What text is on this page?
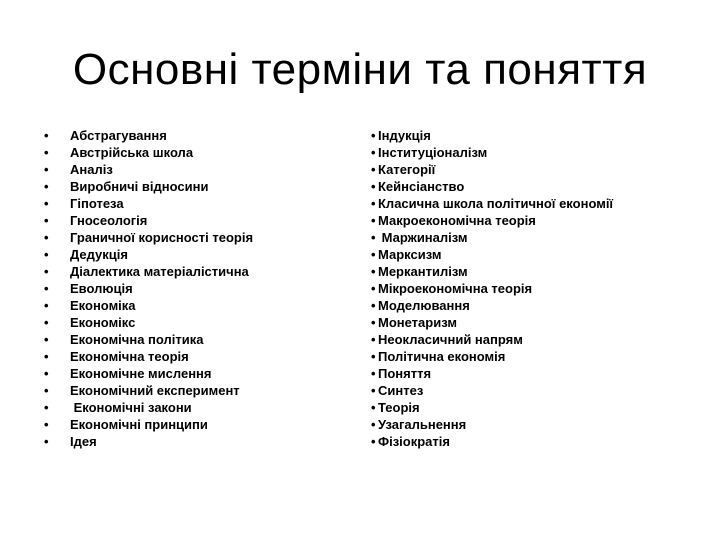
Основні терміни та поняття
•	Абстрагування
•	Австрійська школа
•	Аналіз
•	Виробничі відносини
•	Гіпотеза
•	Гносеологія
•	Граничної корисності теорія
•	Дедукція
•	Діалектика матеріалістична
•	Еволюція
•	Економіка
•	Економікс
•	Економічна політика
•	Економічна теорія
•	Економічне мислення
•	Економічний експеримент
•	Економічні закони
•	Економічні принципи
•	Ідея
• Індукція
• Інституціоналізм
• Категорії
• Кейнсіанство
• Класична школа політичної економії
• Макроекономічна теорія
• Маржиналізм
• Марксизм
• Меркантилізм
• Мікроекономічна теорія
• Моделювання
• Монетаризм
• Неокласичний напрям
• Політична економія
• Поняття
• Синтез
• Теорія
• Узагальнення
• Фізіократія
